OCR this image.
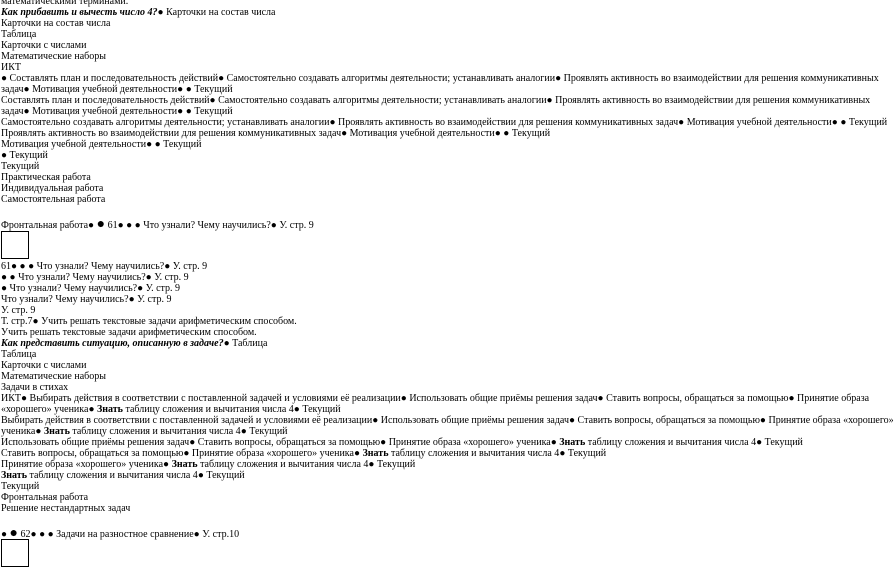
математическими терминами.
Как прибавить и вычесть число 4?● Карточки на состав числа
Карточки на состав числа
Таблица
Карточки с числами
Математические наборы
ИКТ
● Составлять план и последовательность действий● Самостоятельно создавать алгоритмы деятельности; устанавливать аналогии● Проявлять активность во взаимодействии для решения коммуникативных
задач● Мотивация учебной деятельности● ● Текущий
Составлять план и последовательность действий● Самостоятельно создавать алгоритмы деятельности; устанавливать аналогии● Проявлять активность во взаимодействии для решения коммуникативных
задач● Мотивация учебной деятельности● ● Текущий
Самостоятельно создавать алгоритмы деятельности; устанавливать аналогии● Проявлять активность во взаимодействии для решения коммуникативных задач● Мотивация учебной деятельности● ● Текущий
Проявлять активность во взаимодействии для решения коммуникативных задач● Мотивация учебной деятельности● ● Текущий
Мотивация учебной деятельности● ● Текущий
● Текущий
Текущий
Практическая работа
Индивидуальная работа
Самостоятельная работа
Фронтальная работа● ● 61● ● ● Что узнали? Чему научились?● У. стр. 9
61● ● ● Что узнали? Чему научились?● У. стр. 9
● ● Что узнали? Чему научились?● У. стр. 9
● Что узнали? Чему научились?● У. стр. 9
Что узнали? Чему научились?● У. стр. 9
У. стр. 9
Т. стр.7● Учить решать текстовые задачи арифметическим способом.
Учить решать текстовые задачи арифметическим способом.
Как представить ситуацию, описанную в задаче?● Таблица
Таблица
Карточки с числами
Математические наборы
Задачи в стихах
ИКТ● Выбирать действия в соответствии с поставленной задачей и условиями её реализации● Использовать общие приёмы решения задач● Ставить вопросы, обращаться за помощью● Принятие образа
«хорошего» ученика● Знать таблицу сложения и вычитания числа 4● Текущий
Выбирать действия в соответствии с поставленной задачей и условиями её реализации● Использовать общие приёмы решения задач● Ставить вопросы, обращаться за помощью● Принятие образа «хорошего»
ученика● Знать таблицу сложения и вычитания числа 4● Текущий
Использовать общие приёмы решения задач● Ставить вопросы, обращаться за помощью● Принятие образа «хорошего» ученика● Знать таблицу сложения и вычитания числа 4● Текущий
Ставить вопросы, обращаться за помощью● Принятие образа «хорошего» ученика● Знать таблицу сложения и вычитания числа 4● Текущий
Принятие образа «хорошего» ученика● Знать таблицу сложения и вычитания числа 4● Текущий
Знать таблицу сложения и вычитания числа 4● Текущий
Текущий
Фронтальная работа
Решение нестандартных задач
● ● 62● ● ● Задачи на разностное сравнение● У. стр.10
